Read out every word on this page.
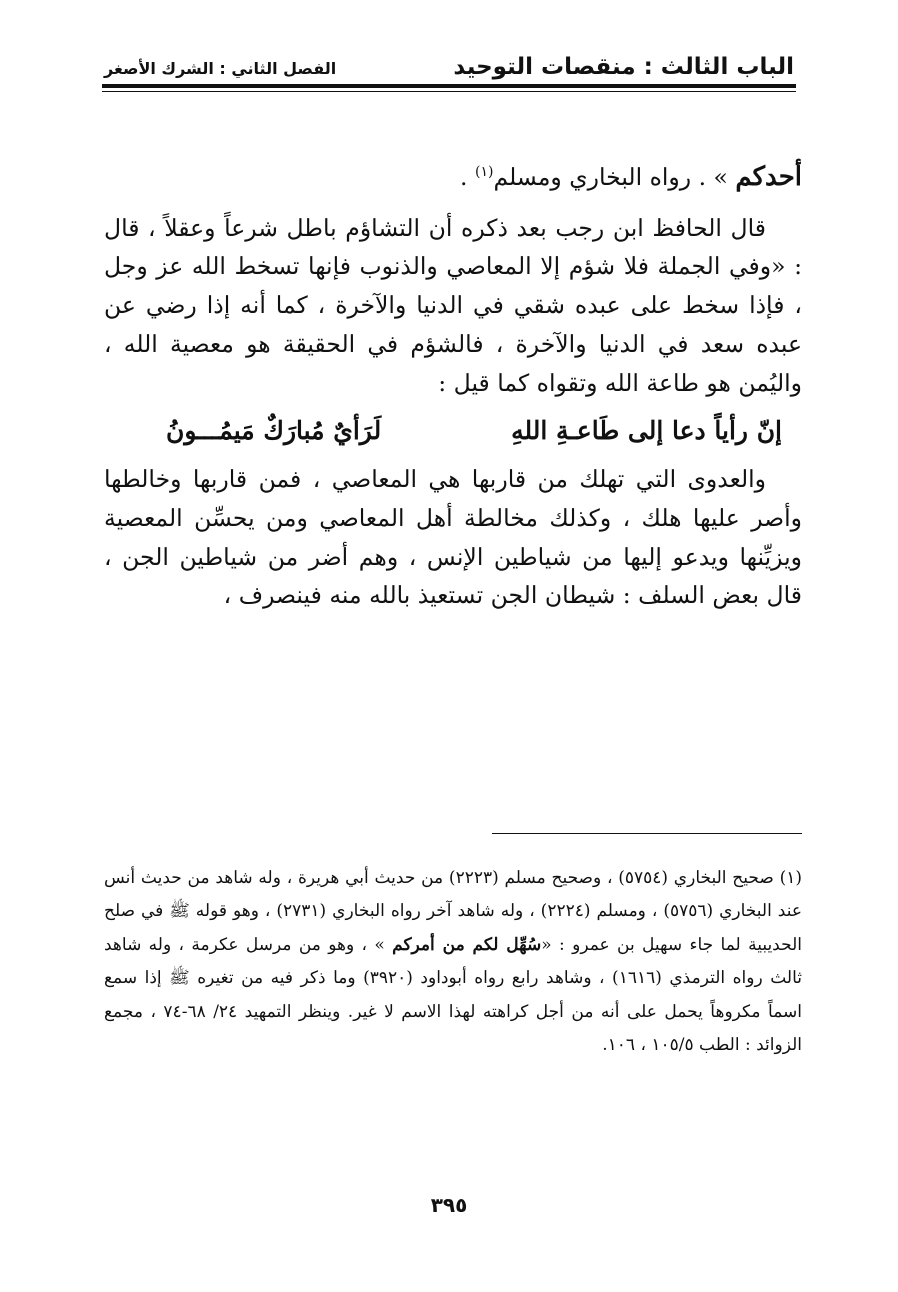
الباب الثالث : منقصات التوحيد
الفصل الثاني : الشرك الأصغر

أحدكم » . رواه البخاري ومسلم$^{(١)}$ .

قال الحافظ ابن رجب بعد ذكره أن التشاؤم باطل شرعاً وعقلاً ، قال : «وفي الجملة فلا شؤم إلا المعاصي والذنوب فإنها تسخط الله عز وجل ، فإذا سخط على عبده شقي في الدنيا والآخرة ، كما أنه إذا رضي عن عبده سعد في الدنيا والآخرة ، فالشؤم في الحقيقة هو معصية الله ، واليُمن هو طاعة الله وتقواه كما قيل :

إنّ رأياً دعا إلى طَاعـةِ اللهِ
لَرَأيٌ مُبارَكٌ مَيمُـــونُ

والعدوى التي تهلك من قاربها هي المعاصي ، فمن قاربها وخالطها وأصر عليها هلك ، وكذلك مخالطة أهل المعاصي ومن يحسِّن المعصية ويزيِّنها ويدعو إليها من شياطين الإنس ، وهم أضر من شياطين الجن ، قال بعض السلف : شيطان الجن تستعيذ بالله منه فينصرف ،

(١) صحيح البخاري (٥٧٥٤) ، وصحيح مسلم (٢٢٢٣) من حديث أبي هريرة ، وله شاهد من حديث أنس عند البخاري (٥٧٥٦) ، ومسلم (٢٢٢٤) ، وله شاهد آخر رواه البخاري (٢٧٣١) ، وهو قوله ﷺ في صلح الحديبية لما جاء سهيل بن عمرو : «سُهِّل لكم من أمركم » ، وهو من مرسل عكرمة ، وله شاهد ثالث رواه الترمذي (١٦١٦) ، وشاهد رابع رواه أبوداود (٣٩٢٠) وما ذكر فيه من تغيره ﷺ إذا سمع اسماً مكروهاً يحمل على أنه من أجل كراهته لهذا الاسم لا غير. وينظر التمهيد ٢٤/ ٦٨-٧٤ ، مجمع الزوائد : الطب ١٠٥/٥ ، ١٠٦.

٣٩٥
